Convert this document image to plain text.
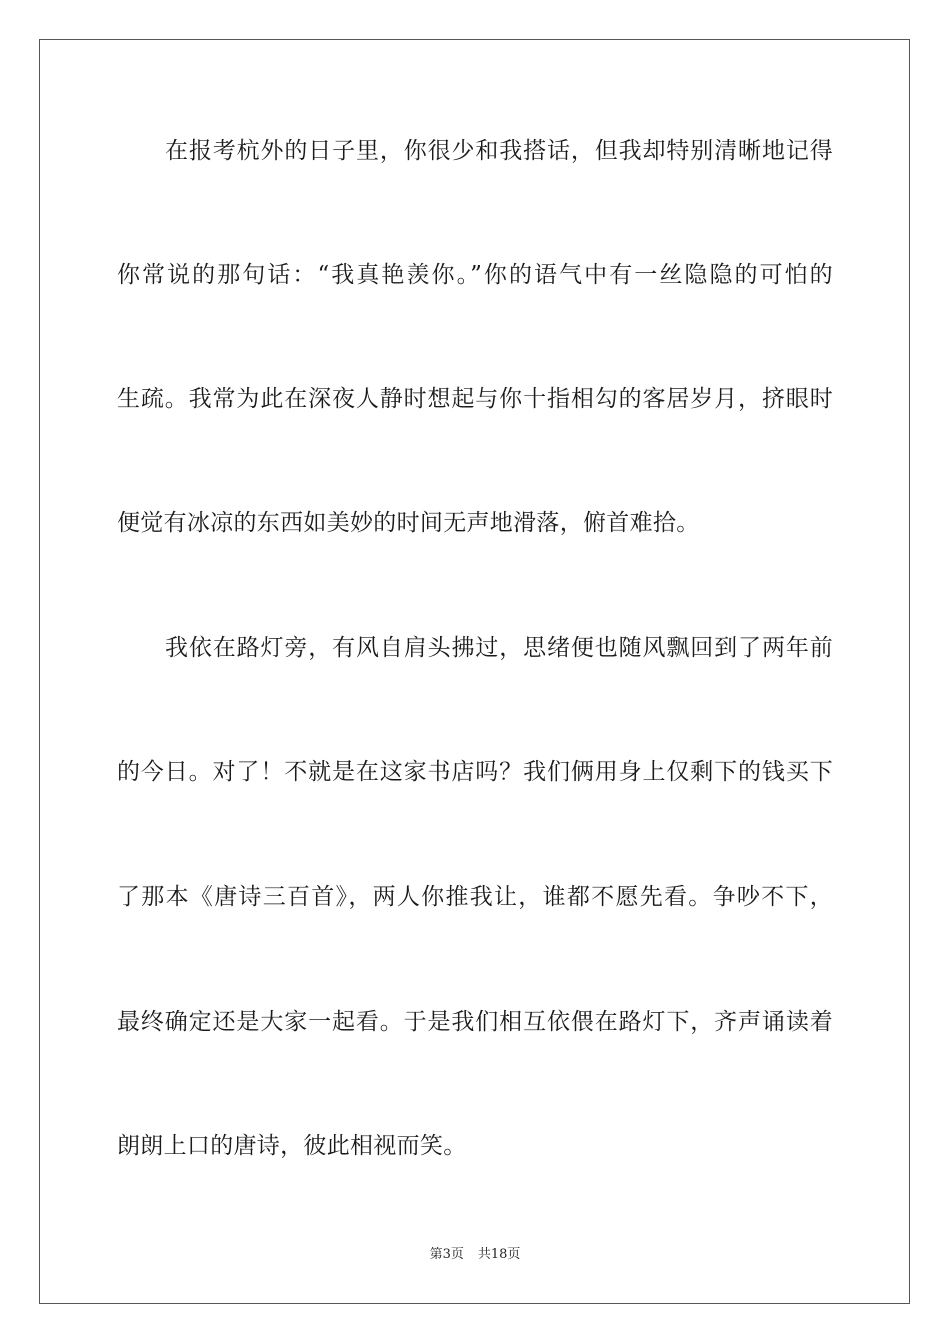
在报考杭外的日子里，你很少和我搭话，但我却特别清晰地记得
你常说的那句话：“我真艳羡你。”你的语气中有一丝隐隐的可怕的
生疏。我常为此在深夜人静时想起与你十指相勾的客居岁月，挤眼时
便觉有冰凉的东西如美妙的时间无声地滑落，俯首难拾。
我依在路灯旁，有风自肩头拂过，思绪便也随风飘回到了两年前
的今日。对了！不就是在这家书店吗？我们俩用身上仅剩下的钱买下
了那本《唐诗三百首》，两人你推我让，谁都不愿先看。争吵不下，
最终确定还是大家一起看。于是我们相互依偎在路灯下，齐声诵读着
朗朗上口的唐诗，彼此相视而笑。
第3页 共18页
